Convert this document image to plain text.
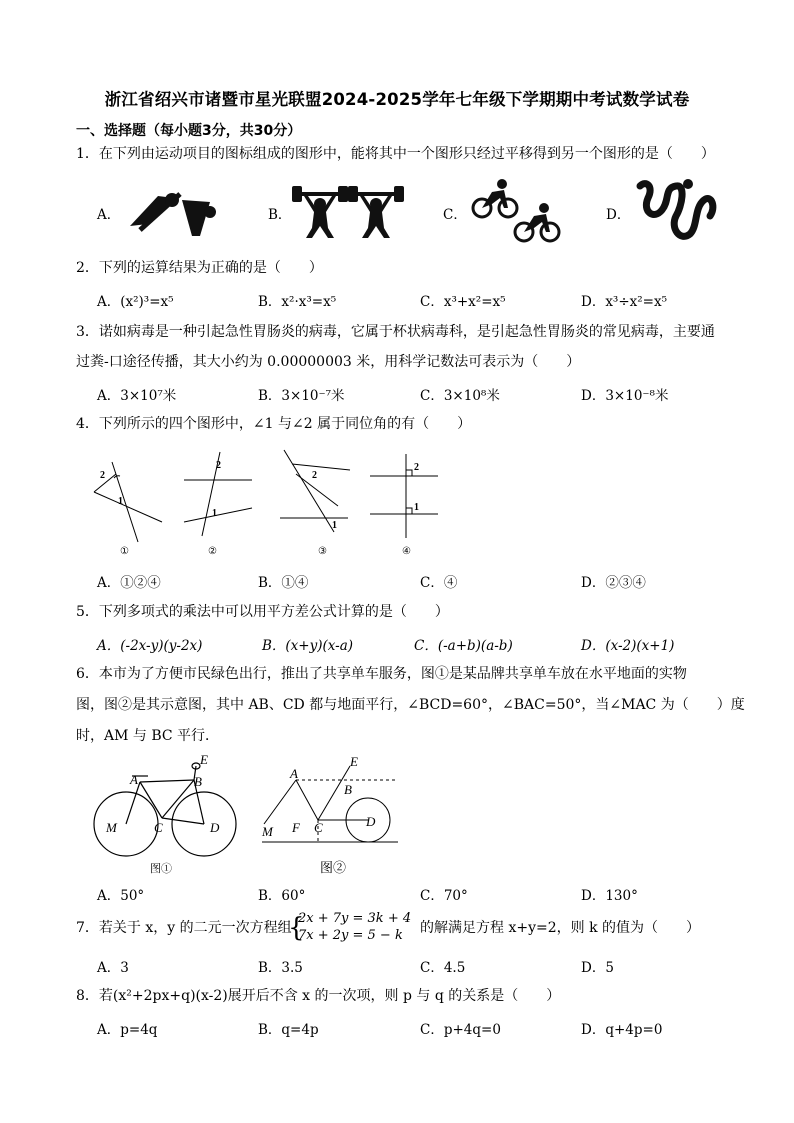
浙江省绍兴市诸暨市星光联盟2024-2025学年七年级下学期期中考试数学试卷
一、选择题（每小题3分，共30分）
1．在下列由运动项目的图标组成的图形中，能将其中一个图形只经过平移得到另一个图形的是（　　）
A．	B．	C．	D．
2．下列的运算结果为正确的是（　　）
A．(x²)³=x⁵	B．x²·x³=x⁵	C．x³+x²=x⁵	D．x³÷x²=x⁵
3．诺如病毒是一种引起急性胃肠炎的病毒，它属于杯状病毒科，是引起急性胃肠炎的常见病毒，主要通
过粪-口途径传播，其大小约为 0.00000003 米，用科学记数法可表示为（　　）
A．3×10⁷米	B．3×10⁻⁷米	C．3×10⁸米	D．3×10⁻⁸米
4．下列所示的四个图形中，∠1 与∠2 属于同位角的有（　　）
2
1
①
2
1
②
2
1
③
2
1
④
A．①②④	B．①④	C．④	D．②③④
5．下列多项式的乘法中可以用平方差公式计算的是（　　）
A．(-2x-y)(y-2x)	B．(x+y)(x-a)	C．(-a+b)(a-b)	D．(x-2)(x+1)
6．本市为了方便市民绿色出行，推出了共享单车服务，图①是某品牌共享单车放在水平地面的实物
图，图②是其示意图，其中 AB、CD 都与地面平行，∠BCD=60°，∠BAC=50°，当∠MAC 为（　　）度
时，AM 与 BC 平行．
A	B
C	D
E
M
图①
A
B
C	D
E
F
M
图②
A．50°	B．60°	C．70°	D．130°
7．若关于 x，y 的二元一次方程组
{
2x + 7y = 3k + 4
7x + 2y = 5 − k 的解满足方程 x+y=2，则 k 的值为（　　）
A．3	B．3.5	C．4.5	D．5
8．若(x²+2px+q)(x-2)展开后不含 x 的一次项，则 p 与 q 的关系是（　　）
A．p=4q	B．q=4p	C．p+4q=0	D．q+4p=0
